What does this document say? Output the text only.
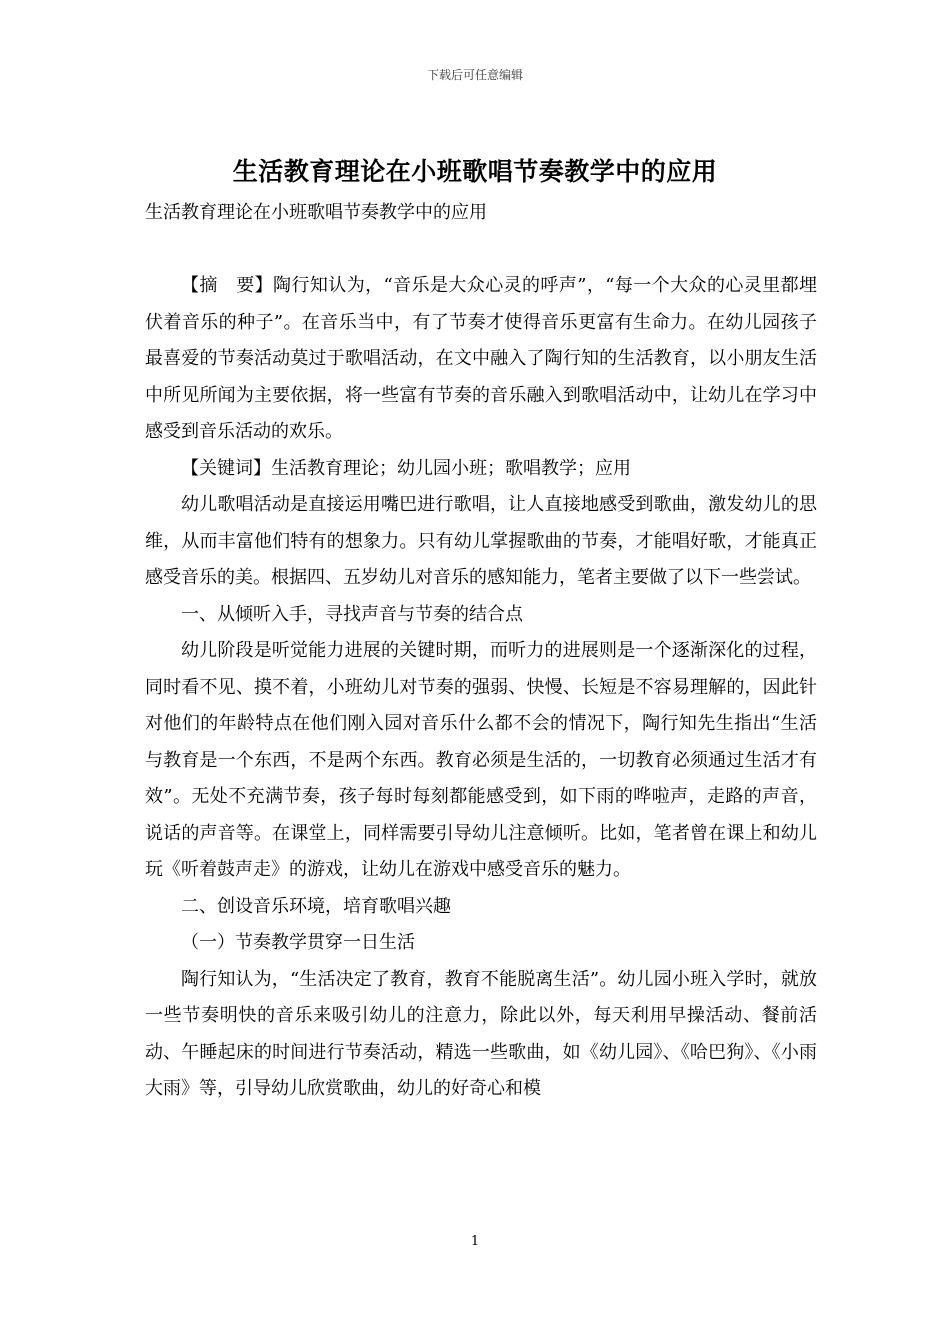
下载后可任意编辑
生活教育理论在小班歌唱节奏教学中的应用
生活教育理论在小班歌唱节奏教学中的应用

【摘　要】陶行知认为，“音乐是大众心灵的呼声”，“每一个大众的心灵里都埋伏着音乐的种子”。在音乐当中，有了节奏才使得音乐更富有生命力。在幼儿园孩子最喜爱的节奏活动莫过于歌唱活动，在文中融入了陶行知的生活教育，以小朋友生活中所见所闻为主要依据，将一些富有节奏的音乐融入到歌唱活动中，让幼儿在学习中感受到音乐活动的欢乐。

【关键词】生活教育理论；幼儿园小班；歌唱教学；应用

幼儿歌唱活动是直接运用嘴巴进行歌唱，让人直接地感受到歌曲，激发幼儿的思维，从而丰富他们特有的想象力。只有幼儿掌握歌曲的节奏，才能唱好歌，才能真正感受音乐的美。根据四、五岁幼儿对音乐的感知能力，笔者主要做了以下一些尝试。

一、从倾听入手，寻找声音与节奏的结合点

幼儿阶段是听觉能力进展的关键时期，而听力的进展则是一个逐渐深化的过程，同时看不见、摸不着，小班幼儿对节奏的强弱、快慢、长短是不容易理解的，因此针对他们的年龄特点在他们刚入园对音乐什么都不会的情况下，陶行知先生指出“生活与教育是一个东西，不是两个东西。教育必须是生活的，一切教育必须通过生活才有效”。无处不充满节奏，孩子每时每刻都能感受到，如下雨的哗啦声，走路的声音，说话的声音等。在课堂上，同样需要引导幼儿注意倾听。比如，笔者曾在课上和幼儿玩《听着鼓声走》的游戏，让幼儿在游戏中感受音乐的魅力。

二、创设音乐环境，培育歌唱兴趣

（一）节奏教学贯穿一日生活

陶行知认为，“生活决定了教育，教育不能脱离生活”。幼儿园小班入学时，就放一些节奏明快的音乐来吸引幼儿的注意力，除此以外，每天利用早操活动、餐前活动、午睡起床的时间进行节奏活动，精选一些歌曲，如《幼儿园》、《哈巴狗》、《小雨大雨》等，引导幼儿欣赏歌曲，幼儿的好奇心和模

1
